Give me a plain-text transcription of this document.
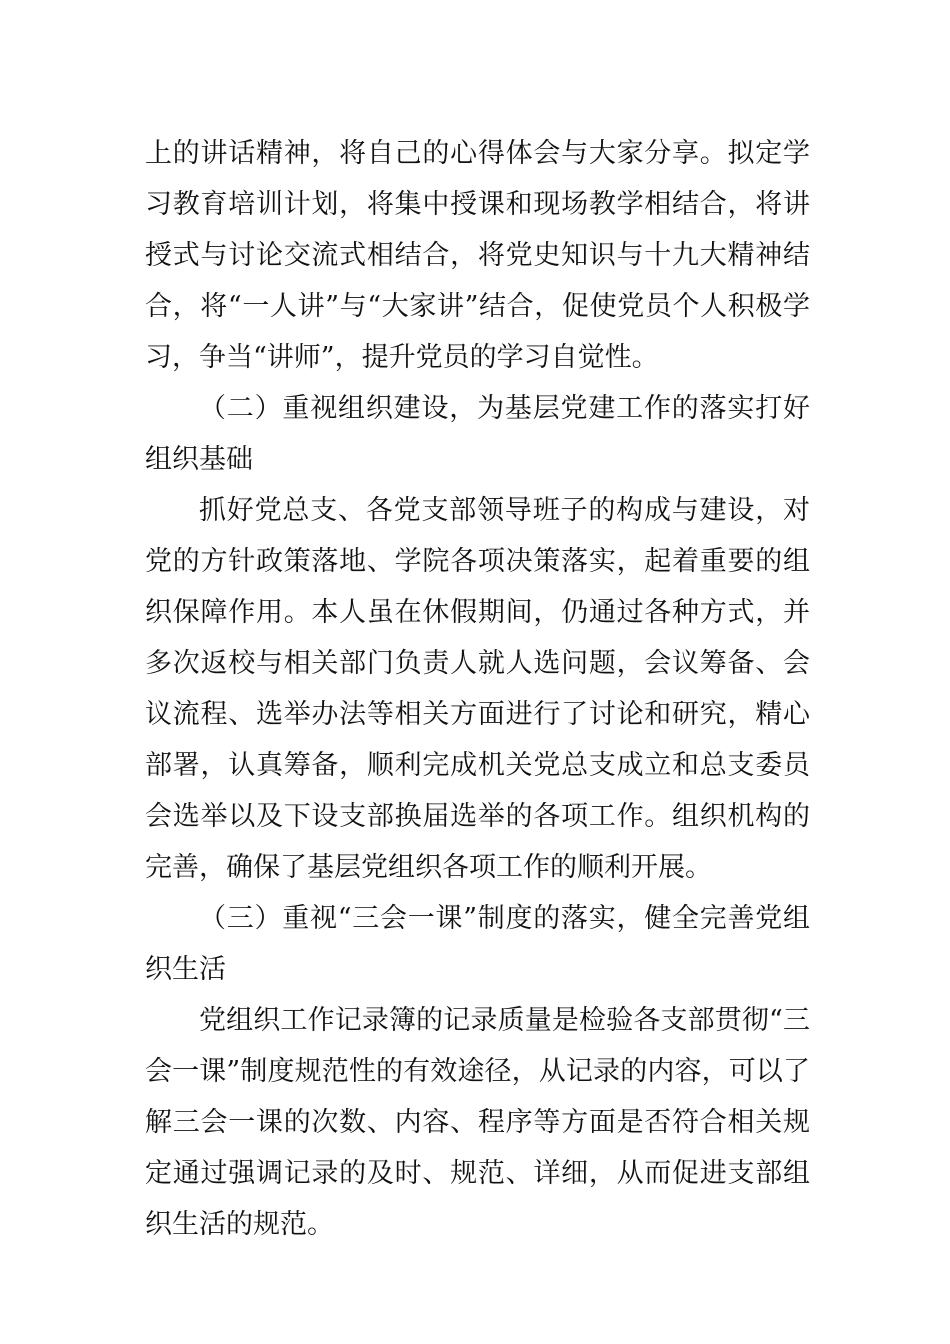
上的讲话精神，将自己的心得体会与大家分享。拟定学习教育培训计划，将集中授课和现场教学相结合，将讲授式与讨论交流式相结合，将党史知识与十九大精神结合，将“一人讲”与“大家讲”结合，促使党员个人积极学习，争当“讲师”，提升党员的学习自觉性。

（二）重视组织建设，为基层党建工作的落实打好组织基础

抓好党总支、各党支部领导班子的构成与建设，对党的方针政策落地、学院各项决策落实，起着重要的组织保障作用。本人虽在休假期间，仍通过各种方式，并多次返校与相关部门负责人就人选问题，会议筹备、会议流程、选举办法等相关方面进行了讨论和研究，精心部署，认真筹备，顺利完成机关党总支成立和总支委员会选举以及下设支部换届选举的各项工作。组织机构的完善，确保了基层党组织各项工作的顺利开展。

（三）重视“三会一课”制度的落实，健全完善党组织生活

党组织工作记录簿的记录质量是检验各支部贯彻“三会一课”制度规范性的有效途径，从记录的内容，可以了解三会一课的次数、内容、程序等方面是否符合相关规定通过强调记录的及时、规范、详细，从而促进支部组织生活的规范。
